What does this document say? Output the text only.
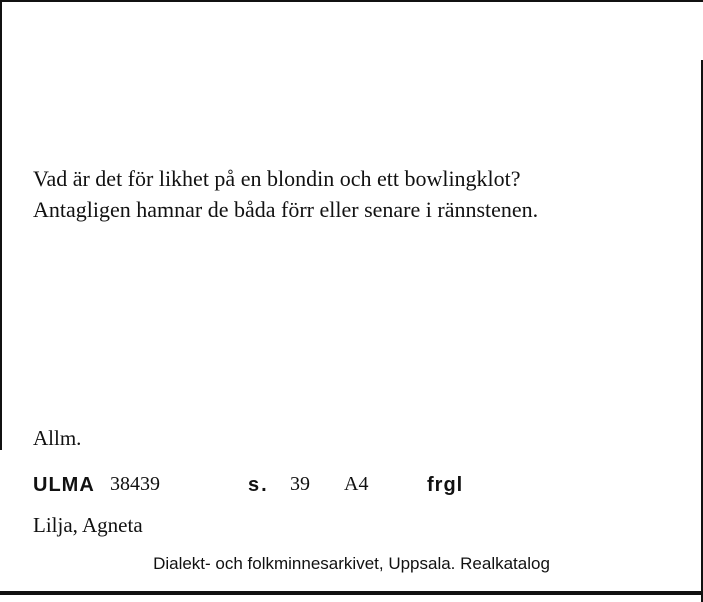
Vad är det för likhet på en blondin och ett bowlingklot?
Antagligen hamnar de båda förr eller senare i rännstenen.
Allm.
ULMA 38439	s. 39 A4	frgl
Lilja, Agneta
Dialekt- och folkminnesarkivet, Uppsala. Realkatalog
